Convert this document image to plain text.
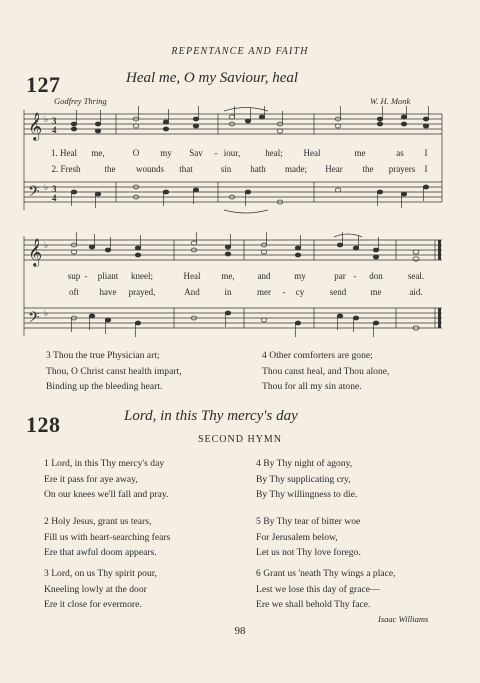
REPENTANCE AND FAITH
127	Heal me, O my Saviour, heal
Godfrey Thring	W. H. Monk
𝄞
𝄢
♭
♭
3
4
3
4
1. Heal me,	O my Sav - iour,	heal; Heal	me	as I
2. Fresh	the wounds that	sin hath made; Hear the prayers I
𝄞
𝄢
♭
♭
sup - pliant kneel;	Heal me,	and	my	par - don	seal.
oft have prayed,	And	in	mer - cy	send	me	aid.
3 Thou the true Physician art;
Thou, O Christ canst health impart,
Binding up the bleeding heart.
4 Other comforters are gone;
Thou canst heal, and Thou alone,
Thou for all my sin atone.
128	Lord, in this Thy mercy's day
SECOND HYMN
1 Lord, in this Thy mercy's day
Ere it pass for aye away,
On our knees we'll fall and pray.
4 By Thy night of agony,
By Thy supplicating cry,
By Thy willingness to die.
2 Holy Jesus, grant us tears,
Fill us with heart-searching fears
Ere that awful doom appears.
5 By Thy tear of bitter woe
For Jerusalem below,
Let us not Thy love forego.
3 Lord, on us Thy spirit pour,
Kneeling lowly at the door
Ere it close for evermore.
6 Grant us 'neath Thy wings a place,
Lest we lose this day of grace—
Ere we shall behold Thy face.
Isaac Williams
98
